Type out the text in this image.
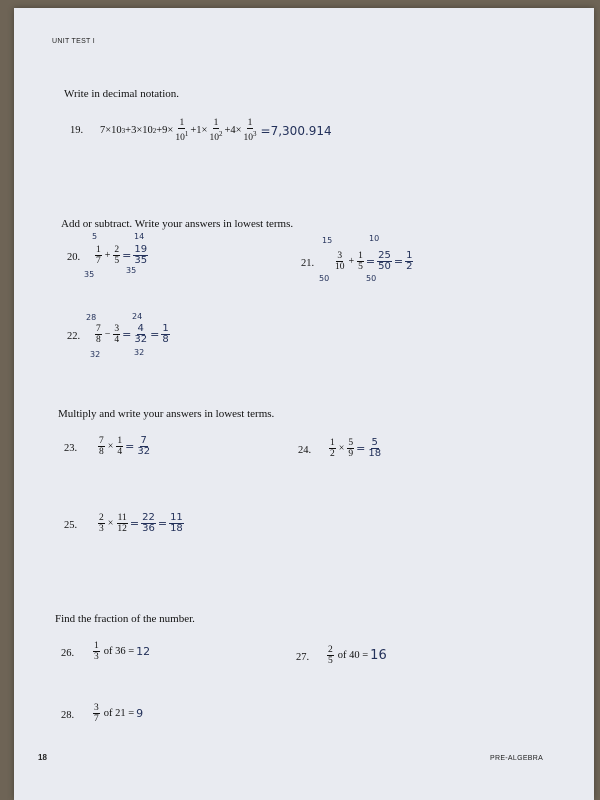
UNIT TEST I
Write in decimal notation.
19. 7×10 3 +3×10 $2 +9\times \frac{1}{10^1} +1\times \frac{1}{10^2} +4\times \frac{1}{10^3} =7,300.914$
Add or subtract. Write your answers in lowest terms.
5	14
20. $\frac{1}{7} + \frac{2}{5} = \frac{19}{35}$
35	35
15	10
21. $\frac{3}{10} + \frac{1}{5} = \frac{25}{50} = \frac{1}{2}$
50	50
28	24
22. $\frac{7}{8} - \frac{3}{4} = \frac{4}{32} = \frac{1}{8}$
32	32
Multiply and write your answers in lowest terms.
23. $\frac{7}{8} \times \frac{1}{4} = \frac{7}{32}$	24. $\frac{1}{2} \times \frac{5}{9} = \frac{5}{18}$
25. $\frac{2}{3} \times \frac{11}{12} = \frac{22}{36} = \frac{11}{18}$
Find the fraction of the number.
26. $\frac{1}{3}$ of 36 = 12	27. $\frac{2}{5}$ of 40 = 16
28. $\frac{3}{7}$ of 21 = 9
18	PRE-ALGEBRA
